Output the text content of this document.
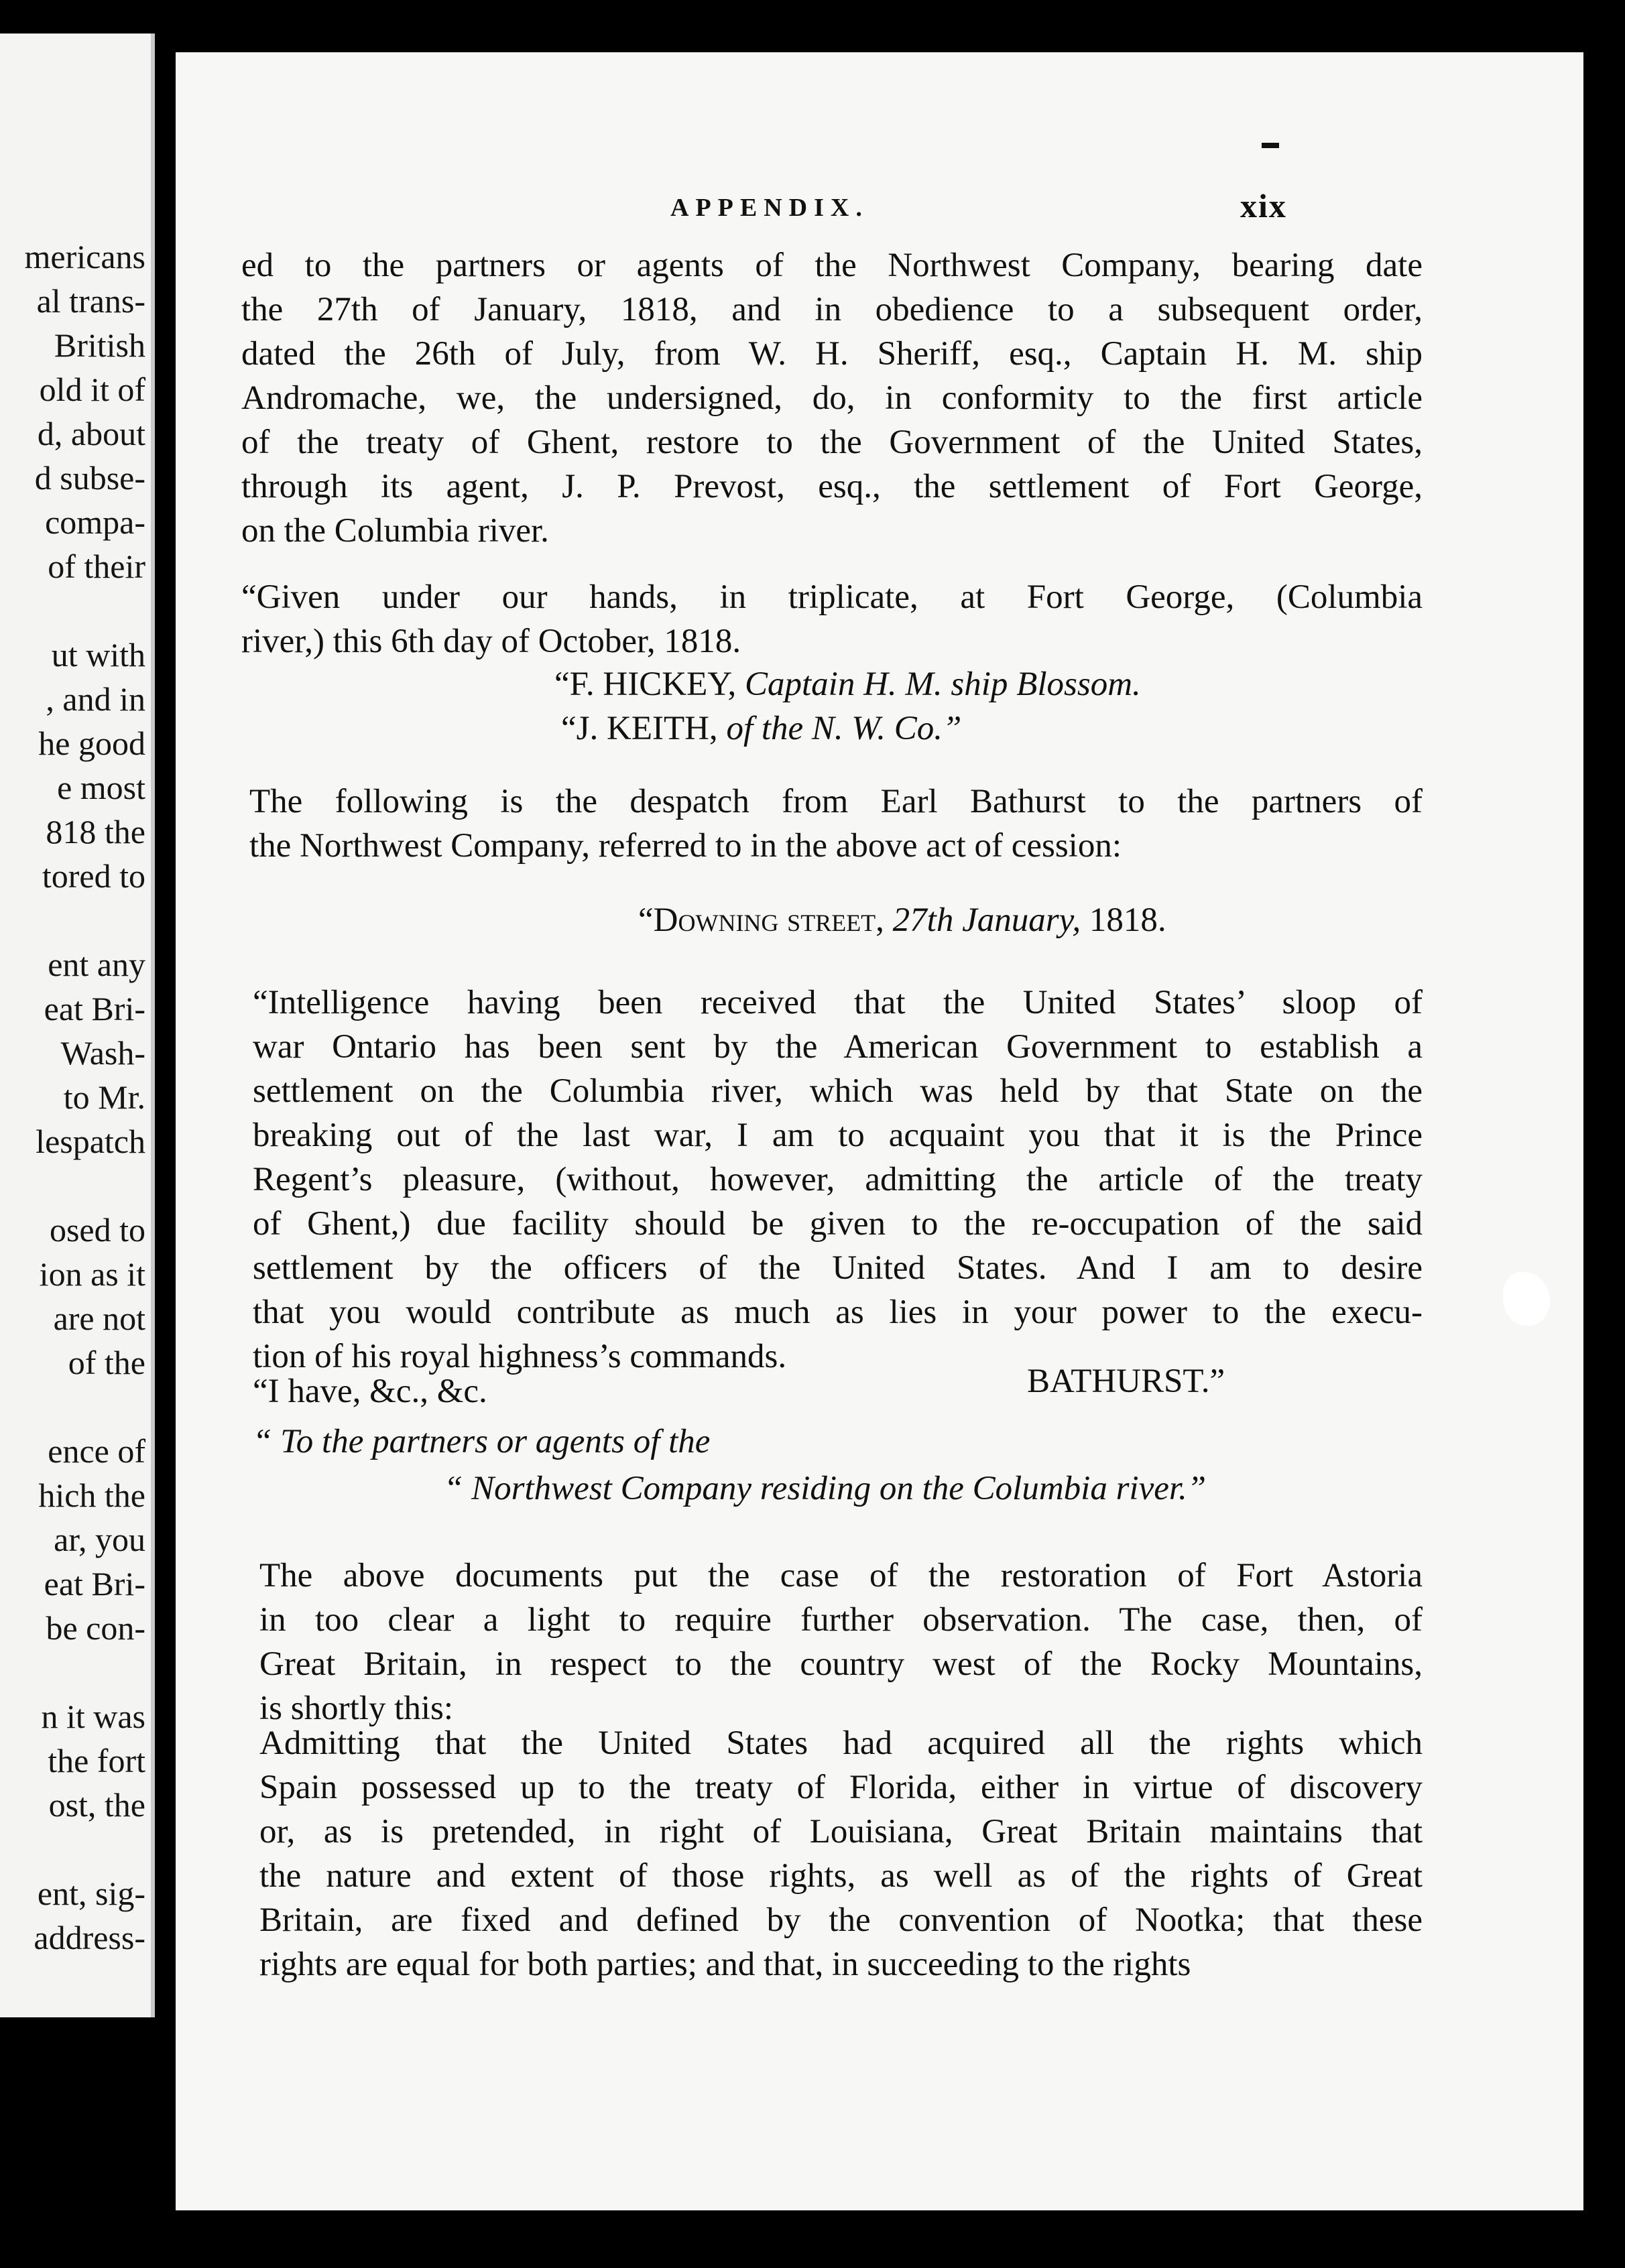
mericans
al trans-
British
old it of
d, about
d subse-
compa-
of their
ut with
, and in
he good
e most
818 the
tored to
ent any
eat Bri-
Wash-
to Mr.
lespatch
osed to
ion as it
are not
of the
ence of
hich the
ar, you
eat Bri-
be con-
n it was
the fort
ost, the
ent, sig-
address-
APPENDIX.	xix
ed to the partners or agents of the Northwest Company, bearing date
the 27th of January, 1818, and in obedience to a subsequent order,
dated the 26th of July, from W. H. Sheriff, esq., Captain H. M. ship
Andromache, we, the undersigned, do, in conformity to the first article
of the treaty of Ghent, restore to the Government of the United States,
through its agent, J. P. Prevost, esq., the settlement of Fort George,
on the Columbia river.
“Given under our hands, in triplicate, at Fort George, (Columbia
river,) this 6th day of October, 1818.
“F. HICKEY, Captain H. M. ship Blossom.
“J. KEITH, of the N. W. Co.”
The following is the despatch from Earl Bathurst to the partners of
the Northwest Company, referred to in the above act of cession:
“Downing street, 27th January, 1818.
“Intelligence having been received that the United States’ sloop of
war Ontario has been sent by the American Government to establish a
settlement on the Columbia river, which was held by that State on the
breaking out of the last war, I am to acquaint you that it is the Prince
Regent’s pleasure, (without, however, admitting the article of the treaty
of Ghent,) due facility should be given to the re-occupation of the said
settlement by the officers of the United States. And I am to desire
that you would contribute as much as lies in your power to the execu-
tion of his royal highness’s commands.
“I have, &c., &c.	BATHURST.”
“ To the partners or agents of the
“ Northwest Company residing on the Columbia river.”
The above documents put the case of the restoration of Fort Astoria
in too clear a light to require further observation. The case, then, of
Great Britain, in respect to the country west of the Rocky Mountains,
is shortly this:
Admitting that the United States had acquired all the rights which
Spain possessed up to the treaty of Florida, either in virtue of discovery
or, as is pretended, in right of Louisiana, Great Britain maintains that
the nature and extent of those rights, as well as of the rights of Great
Britain, are fixed and defined by the convention of Nootka; that these
rights are equal for both parties; and that, in succeeding to the rights
